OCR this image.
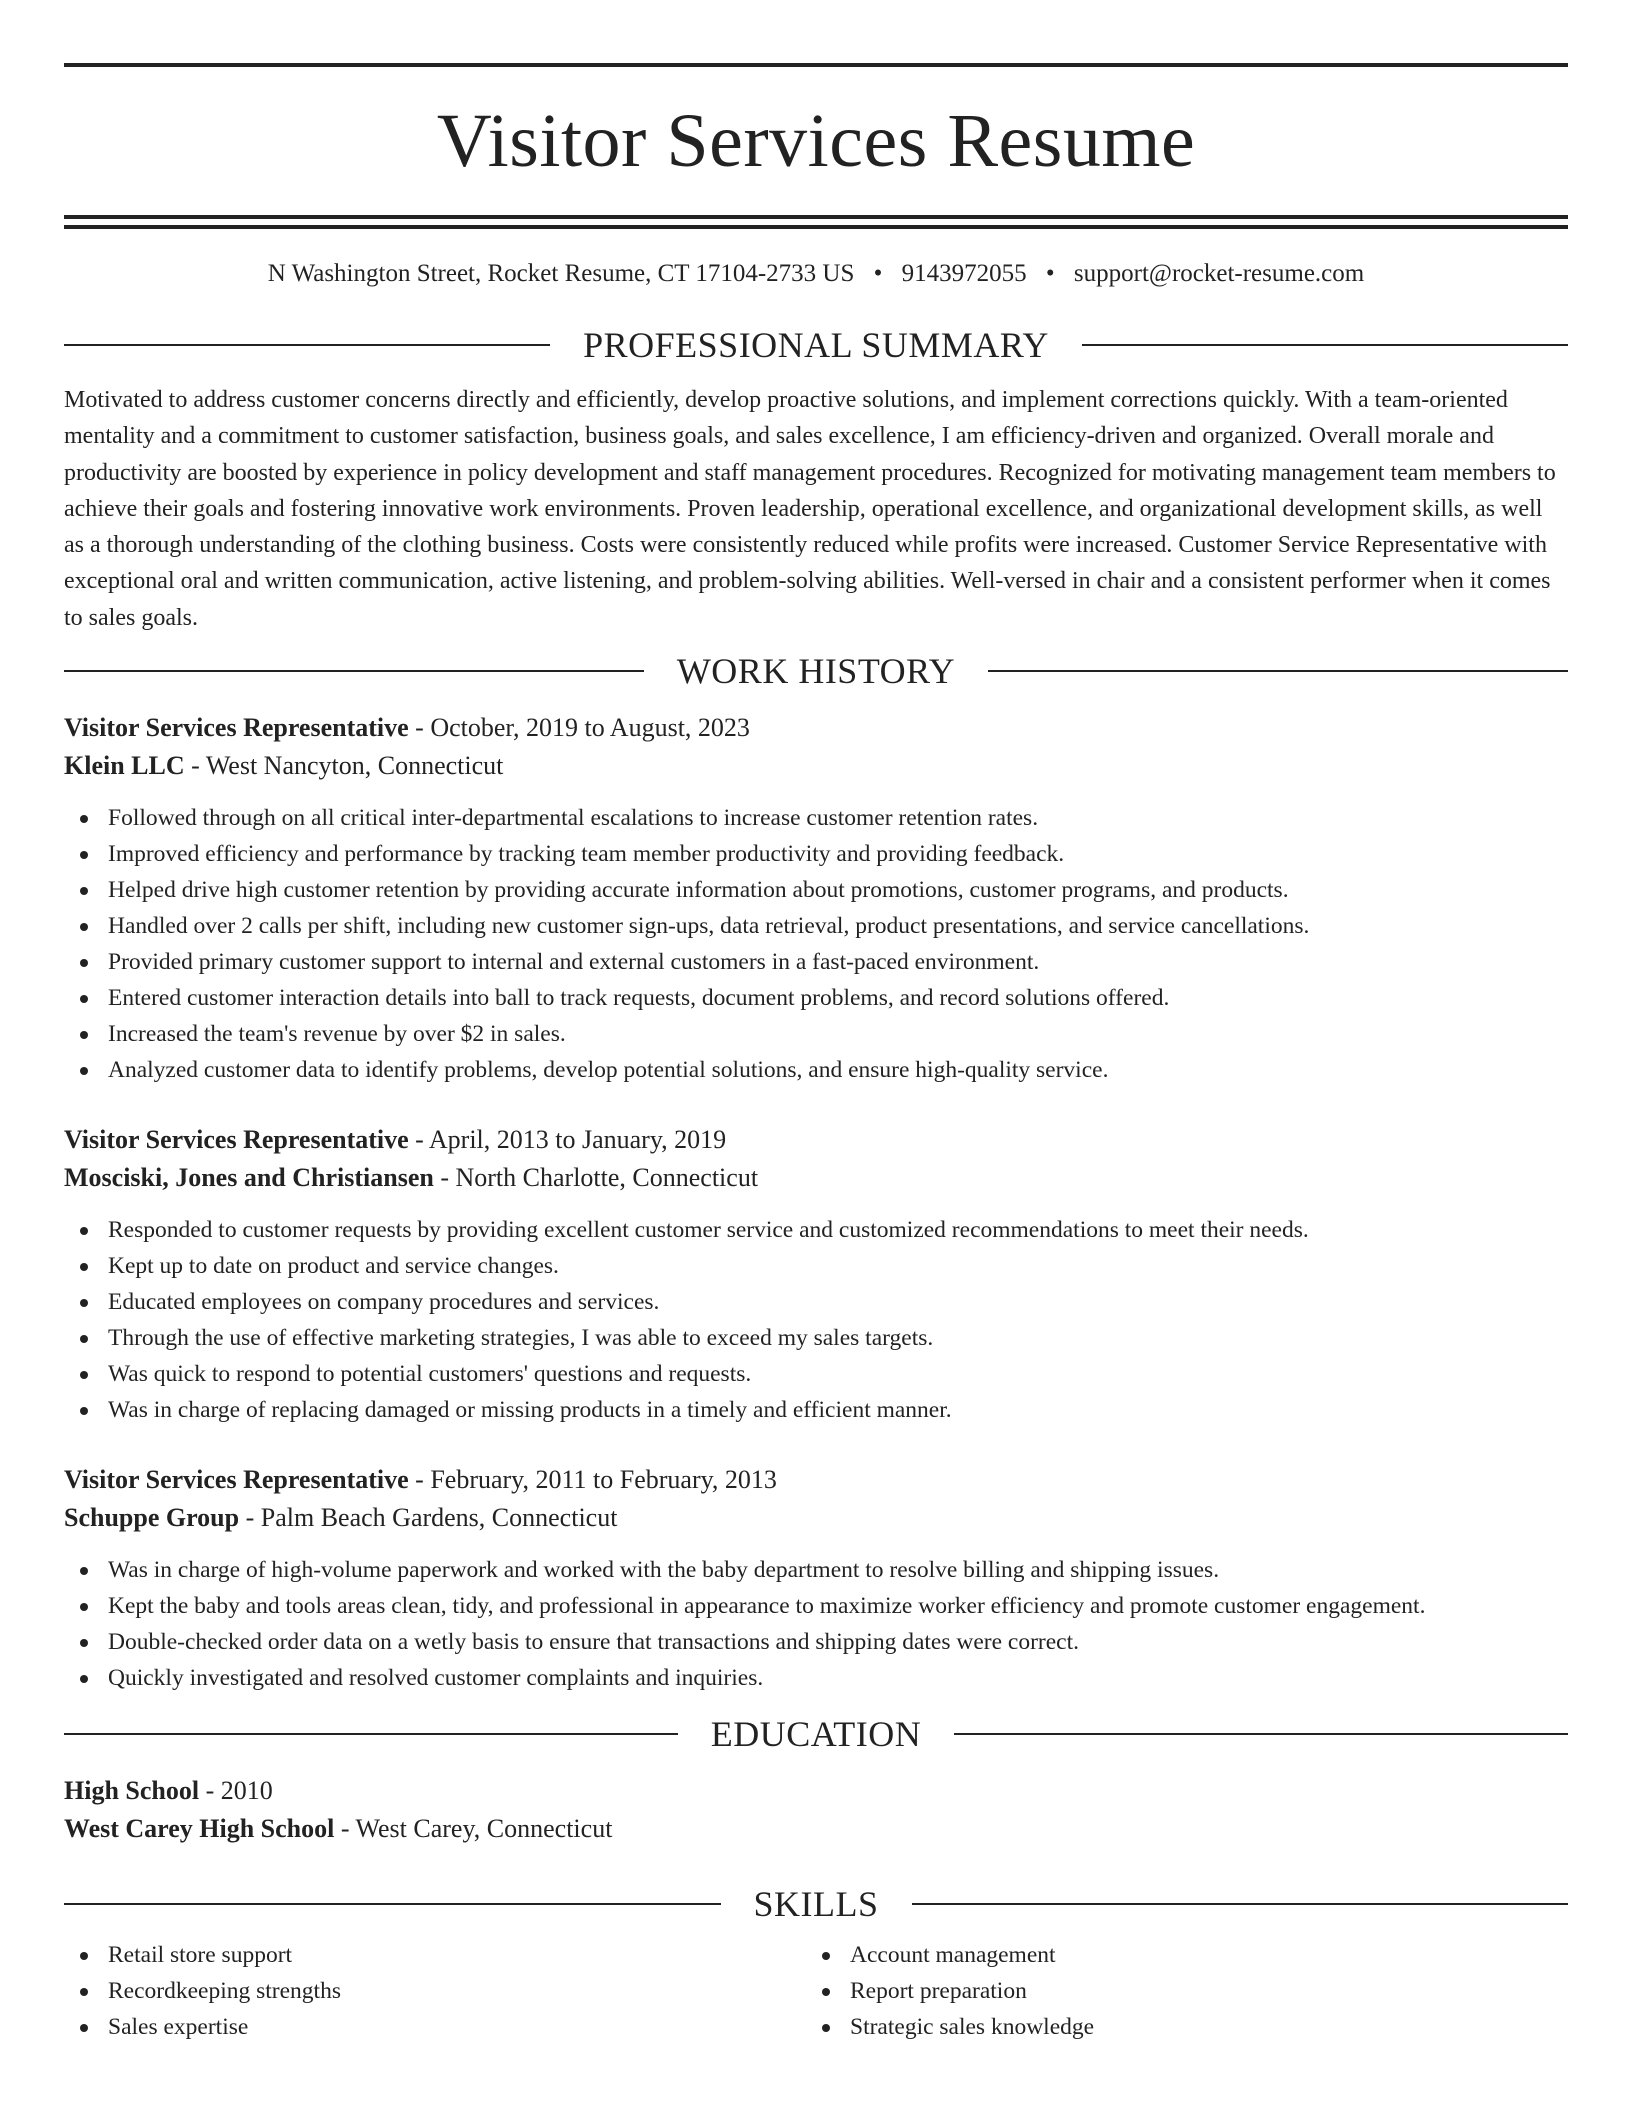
Visitor Services Resume
N Washington Street, Rocket Resume, CT 17104-2733 US • 9143972055 • support@rocket-resume.com
PROFESSIONAL SUMMARY

Motivated to address customer concerns directly and efficiently, develop proactive solutions, and implement corrections quickly. With a team-oriented mentality and a commitment to customer satisfaction, business goals, and sales excellence, I am efficiency-driven and organized. Overall morale and productivity are boosted by experience in policy development and staff management procedures. Recognized for motivating management team members to achieve their goals and fostering innovative work environments. Proven leadership, operational excellence, and organizational development skills, as well as a thorough understanding of the clothing business. Costs were consistently reduced while profits were increased. Customer Service Representative with exceptional oral and written communication, active listening, and problem-solving abilities. Well-versed in chair and a consistent performer when it comes to sales goals.

WORK HISTORY
Visitor Services Representative - October, 2019 to August, 2023
Klein LLC - West Nancyton, Connecticut
Followed through on all critical inter-departmental escalations to increase customer retention rates.
Improved efficiency and performance by tracking team member productivity and providing feedback.
Helped drive high customer retention by providing accurate information about promotions, customer programs, and products.
Handled over 2 calls per shift, including new customer sign-ups, data retrieval, product presentations, and service cancellations.
Provided primary customer support to internal and external customers in a fast-paced environment.
Entered customer interaction details into ball to track requests, document problems, and record solutions offered.
Increased the team's revenue by over $2 in sales.
Analyzed customer data to identify problems, develop potential solutions, and ensure high-quality service.
Visitor Services Representative - April, 2013 to January, 2019
Mosciski, Jones and Christiansen - North Charlotte, Connecticut
Responded to customer requests by providing excellent customer service and customized recommendations to meet their needs.
Kept up to date on product and service changes.
Educated employees on company procedures and services.
Through the use of effective marketing strategies, I was able to exceed my sales targets.
Was quick to respond to potential customers' questions and requests.
Was in charge of replacing damaged or missing products in a timely and efficient manner.
Visitor Services Representative - February, 2011 to February, 2013
Schuppe Group - Palm Beach Gardens, Connecticut
Was in charge of high-volume paperwork and worked with the baby department to resolve billing and shipping issues.
Kept the baby and tools areas clean, tidy, and professional in appearance to maximize worker efficiency and promote customer engagement.
Double-checked order data on a wetly basis to ensure that transactions and shipping dates were correct.
Quickly investigated and resolved customer complaints and inquiries.
EDUCATION
High School - 2010
West Carey High School - West Carey, Connecticut
SKILLS
Retail store support
Recordkeeping strengths
Sales expertise
Account management
Report preparation
Strategic sales knowledge
